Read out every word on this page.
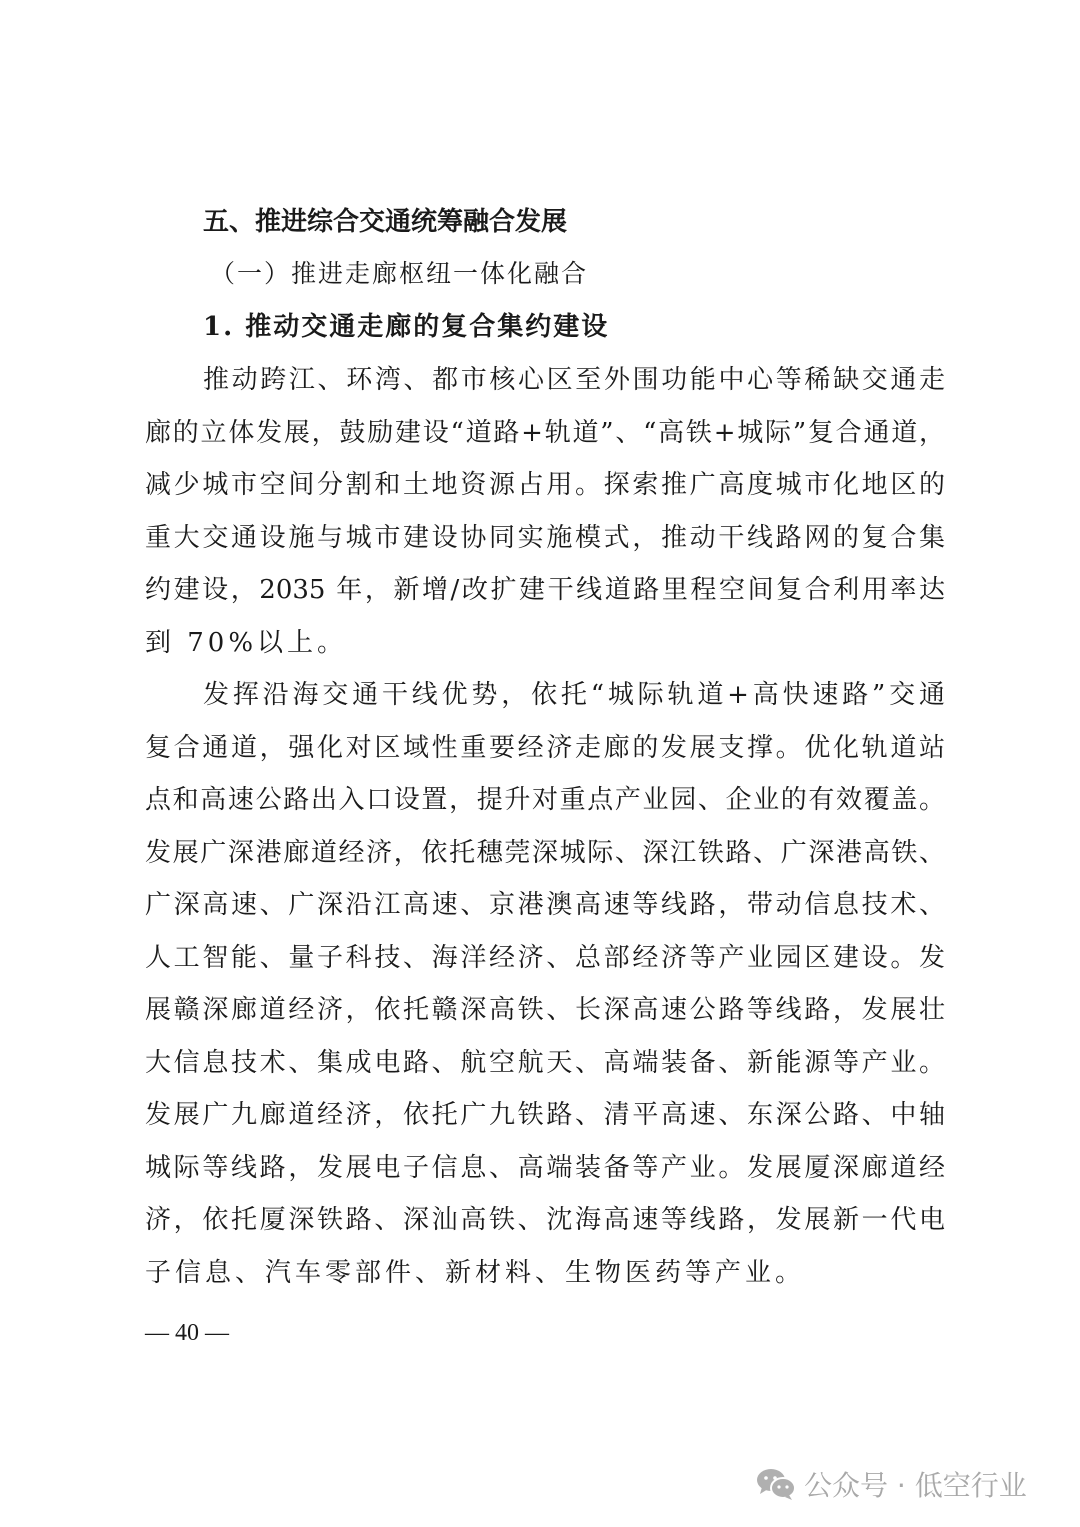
五、推进综合交通统筹融合发展
（一）推进走廊枢纽一体化融合
1. 推动交通走廊的复合集约建设
推动跨江、环湾、都市核心区至外围功能中心等稀缺交通走
廊的立体发展，鼓励建设“道路+轨道”、“高铁+城际”复合通道，
减少城市空间分割和土地资源占用。探索推广高度城市化地区的
重大交通设施与城市建设协同实施模式，推动干线路网的复合集
约建设，2035 年，新增/改扩建干线道路里程空间复合利用率达
到 70%以上。
发挥沿海交通干线优势，依托“城际轨道+高快速路”交通
复合通道，强化对区域性重要经济走廊的发展支撑。优化轨道站
点和高速公路出入口设置，提升对重点产业园、企业的有效覆盖。
发展广深港廊道经济，依托穗莞深城际、深江铁路、广深港高铁、
广深高速、广深沿江高速、京港澳高速等线路，带动信息技术、
人工智能、量子科技、海洋经济、总部经济等产业园区建设。发
展赣深廊道经济，依托赣深高铁、长深高速公路等线路，发展壮
大信息技术、集成电路、航空航天、高端装备、新能源等产业。
发展广九廊道经济，依托广九铁路、清平高速、东深公路、中轴
城际等线路，发展电子信息、高端装备等产业。发展厦深廊道经
济，依托厦深铁路、深汕高铁、沈海高速等线路，发展新一代电
子信息、汽车零部件、新材料、生物医药等产业。
— 40 —
公众号 · 低空行业
